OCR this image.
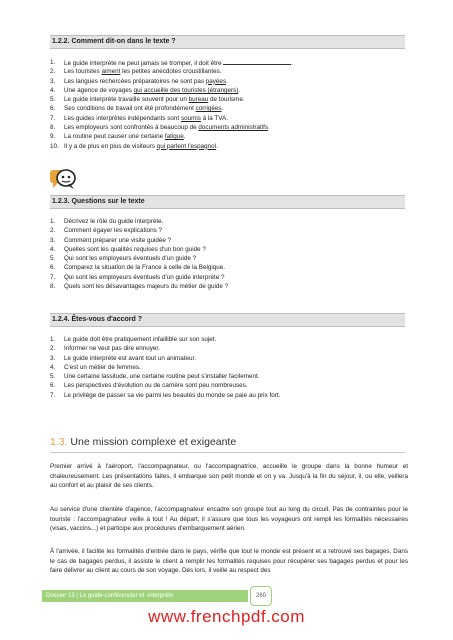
1.2.2. Comment dit-on dans le texte ?
1. Le guide interprète ne peut jamais se tromper, il doit être	.
2. Les touristes aiment les petites anecdotes croustillantes.
3. Les langues rechercées préparatoires ne sont pas payées.
4. Une agence de voyages qui accueille des touristes (étrangers).
5. Le guide interprète travaille souvent pour un bureau de tourisme.
6. Ses conditions de travail ont été profondément corrigées.
7. Les guides interprètes indépendants sont soumis à la TVA.
8. Les employeurs sont confrontés à beaucoup de documents administratifs.
9. La routine peut causer une certaine fatigue.
10. Il y a de plus en plus de visiteurs qui parlent l'espagnol.
1.2.3. Questions sur le texte
1. Décrivez le rôle du guide interprète.
2. Comment égayer les explications ?
3. Comment préparer une visite guidée ?
4. Quelles sont les qualités requises d'un bon guide ?
5. Qui sont les employeurs éventuels d'un guide ?
6. Comparez la situation de la France à celle de la Belgique.
7. Qui sont les employeurs éventuels d'un guide interprète ?
8. Quels sont les désavantages majeurs du métier de guide ?
1.2.4. Êtes-vous d'accord ?
1. Le guide doit être pratiquement infaillible sur son sujet.
2. Informer ne veut pas dire ennuyer.
3. Le guide interprète est avant tout un animateur.
4. C'est un métier de femmes.
5. Une certaine lassitude, une certaine routine peut s'installer facilement.
6. Les perspectives d'évolution ou de carrière sont peu nombreuses.
7. Le privilège de passer sa vie parmi les beautés du monde se paie au prix fort.
1.3. Une mission complexe et exigeante

Premier arrivé à l'aéroport, l'accompagnateur, ou l'accompagnatrice, accueille le groupe dans la bonne humeur et chaleureusement. Les présentations faites, il embarque son petit monde et on y va. Jusqu'à la fin du séjour, il, ou elle, veillera au confort et au plaisir de ses clients.

Au service d'une clientèle d'agence, l'accompagnateur encadre son groupe tout au long du circuit. Pas de contraintes pour le touriste : l'accompagnateur veille à tout ! Au départ, il s'assure que tous les voyageurs ont rempli les formalités nécessaires (visas, vaccins...) et participe aux procédures d'embarquement aérien.

À l'arrivée, il facilite les formalités d'entrée dans le pays, vérifie que tout le monde est présent et a retrouvé ses bagages. Dans le cas de bagages perdus, il assiste le client à remplir les formalités requises pour récupérer ses bagages perdus et pour les faire délivrer au client au cours de son voyage. Dès lors, il veille au respect des

Dossier 13 | Le guide-conférencier et -interprète	260
www.frenchpdf.com
